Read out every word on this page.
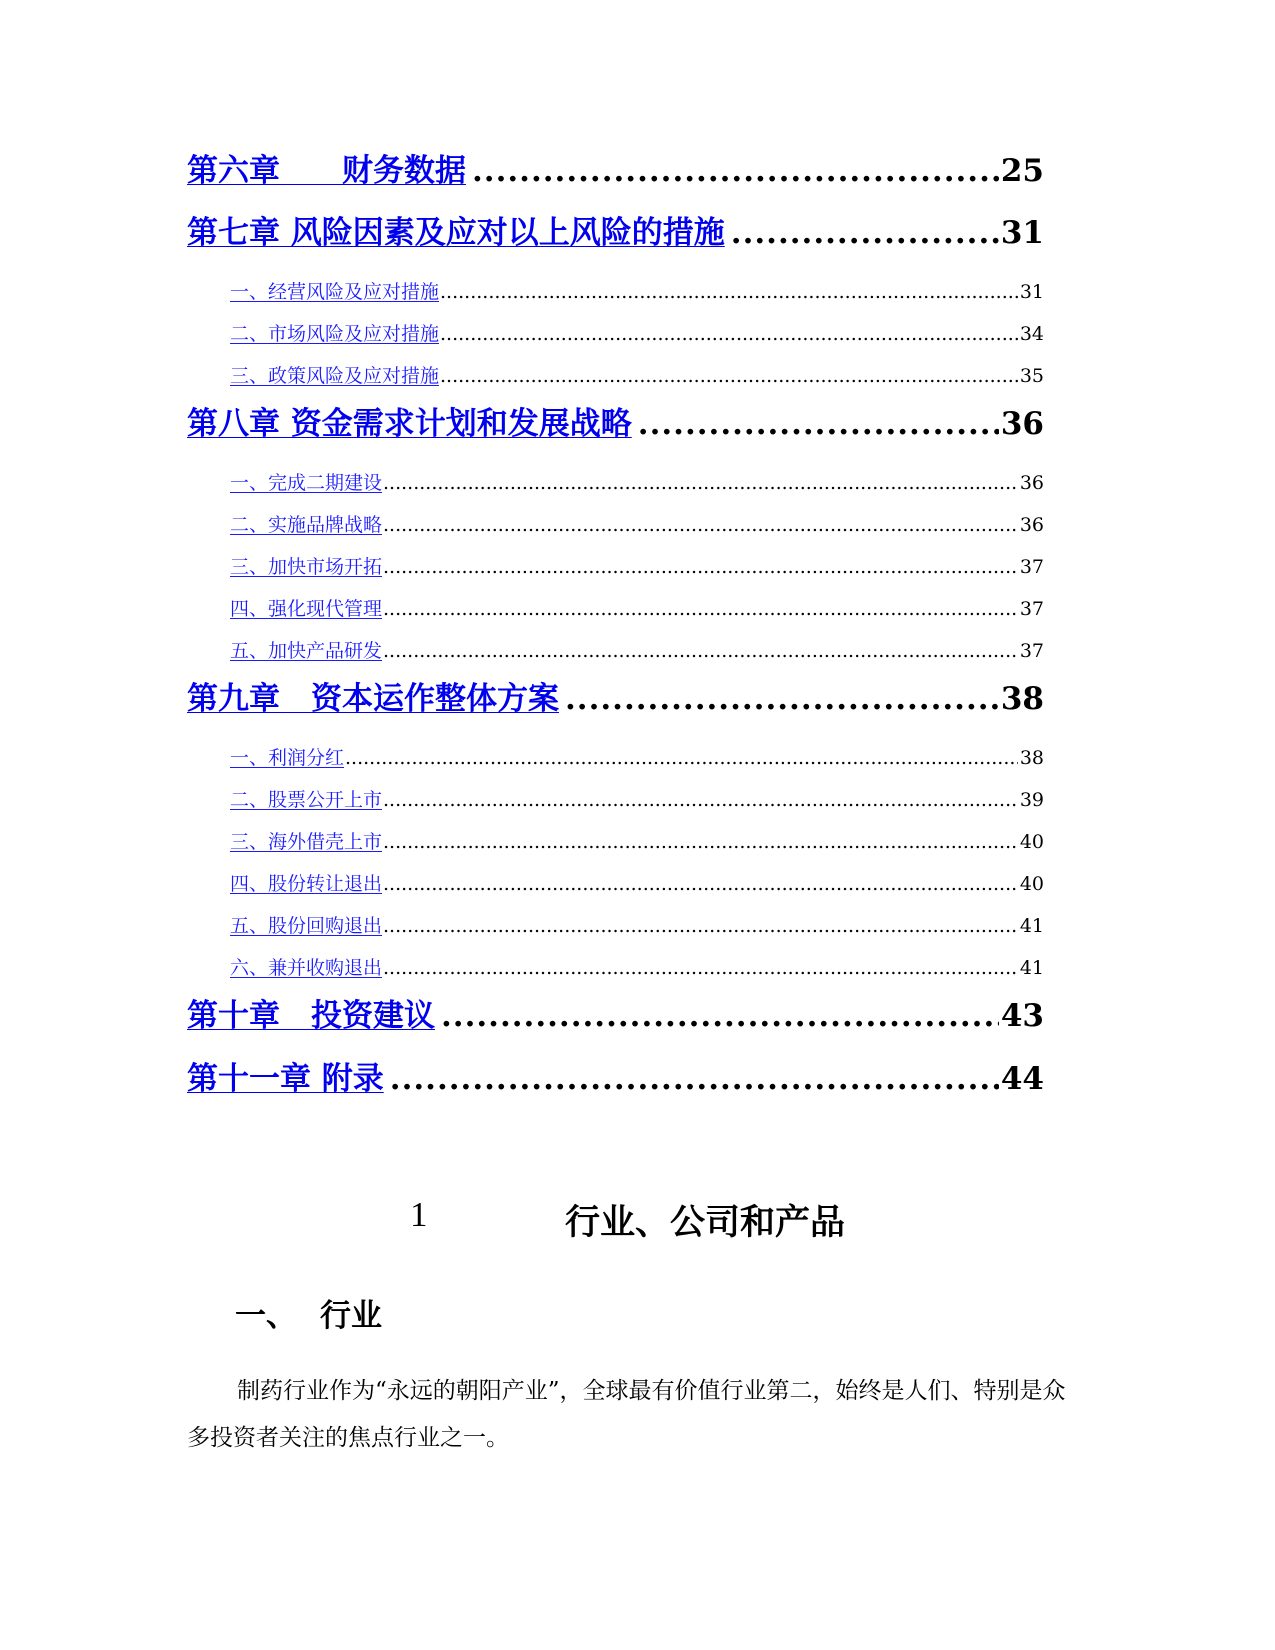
第六章　　财务数据 .....	25
第七章 风险因素及应对以上风险的措施 .....	31
一、经营风险及应对措施 .....	31
二、市场风险及应对措施 .....	34
三、政策风险及应对措施 .....	35
第八章 资金需求计划和发展战略 .....	36
一、完成二期建设 .....	36
二、实施品牌战略 .....	36
三、加快市场开拓 .....	37
四、强化现代管理 .....	37
五、加快产品研发 .....	37
第九章　资本运作整体方案 .....	38
一、利润分红 .....	38
二、股票公开上市 .....	39
三、海外借壳上市 .....	40
四、股份转让退出 .....	40
五、股份回购退出 .....	41
六、兼并收购退出 .....	41
第十章　投资建议 .....	43
第十一章 附录 .....	44
1	行业、公司和产品
一、 行业
制药行业作为“永远的朝阳产业”，全球最有价值行业第二，始终是人们、特别是众多投资者关注的焦点行业之一。
